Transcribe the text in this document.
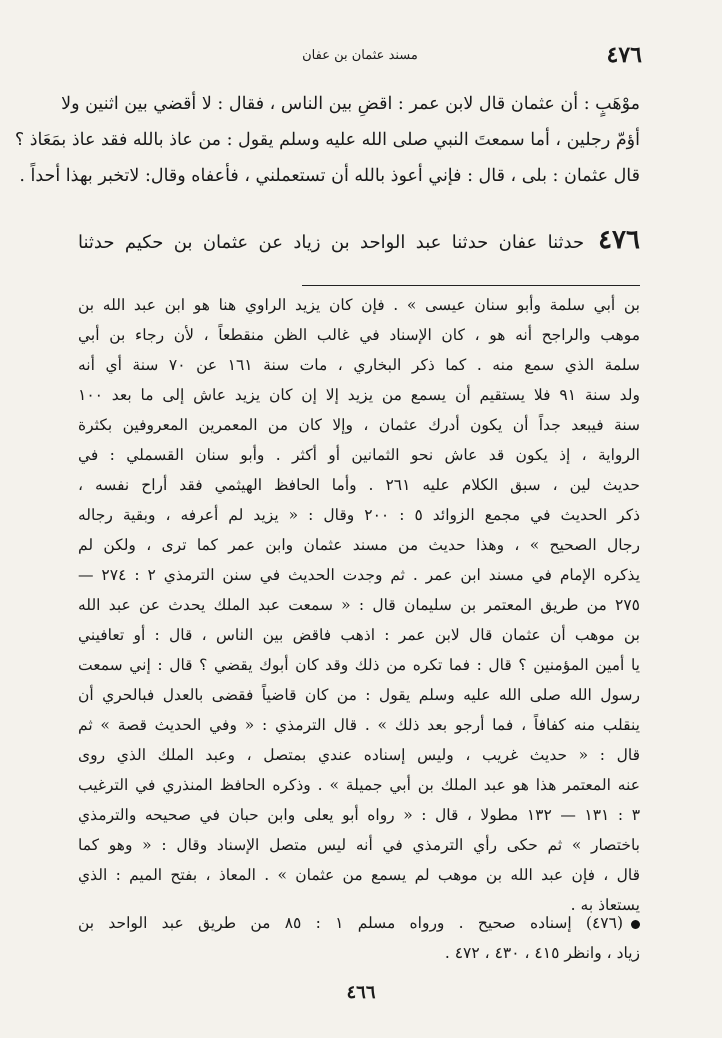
٤٧٦
مسند عثمان بن عفان
موْهَبٍ : أن عثمان قال لابن عمر : اقضِ بين الناس ، فقال : لا أقضي بين اثنين ولا
أؤمّ رجلين ، أما سمعتَ النبي صلى الله عليه وسلم يقول : من عاذ بالله فقد عاذ بمَعَاذ ؟
قال عثمان : بلى ، قال : فإني أعوذ بالله أن تستعملني ، فأعفاه وقال: لاتخبر بهذا أحداً .
٤٧٦حدثنا عفان حدثنا عبد الواحد بن زياد عن عثمان بن حكيم حدثنا
بن أبي سلمة وأبو سنان عيسى » . فإن كان يزيد الراوي هنا هو ابن عبد الله بن
موهب والراجح أنه هو ، كان الإسناد في غالب الظن منقطعاً ، لأن رجاء بن أبي
سلمة الذي سمع منه . كما ذكر البخاري ، مات سنة ١٦١ عن ٧٠ سنة أي أنه
ولد سنة ٩١ فلا يستقيم أن يسمع من يزيد إلا إن كان يزيد عاش إلى ما بعد ١٠٠
سنة فيبعد جداً أن يكون أدرك عثمان ، وإلا كان من المعمرين المعروفين بكثرة
الرواية ، إذ يكون قد عاش نحو الثمانين أو أكثر . وأبو سنان القسملي : في
حديث لين ، سبق الكلام عليه ٢٦١ . وأما الحافظ الهيثمي فقد أراح نفسه ،
ذكر الحديث في مجمع الزوائد ٥ : ٢٠٠ وقال : « يزيد لم أعرفه ، وبقية رجاله
رجال الصحيح » ، وهذا حديث من مسند عثمان وابن عمر كما ترى ، ولكن لم
يذكره الإمام في مسند ابن عمر . ثم وجدت الحديث في سنن الترمذي ٢ : ٢٧٤ —
٢٧٥ من طريق المعتمر بن سليمان قال : « سمعت عبد الملك يحدث عن عبد الله
بن موهب أن عثمان قال لابن عمر : اذهب فاقض بين الناس ، قال : أو تعافيني
يا أمين المؤمنين ؟ قال : فما تكره من ذلك وقد كان أبوك يقضي ؟ قال : إني سمعت
رسول الله صلى الله عليه وسلم يقول : من كان قاضياً فقضى بالعدل فبالحري أن
ينقلب منه كفافاً ، فما أرجو بعد ذلك » . قال الترمذي : « وفي الحديث قصة » ثم
قال : « حديث غريب ، وليس إسناده عندي بمتصل ، وعبد الملك الذي روى
عنه المعتمر هذا هو عبد الملك بن أبي جميلة » . وذكره الحافظ المنذري في الترغيب
٣ : ١٣١ — ١٣٢ مطولا ، قال : « رواه أبو يعلى وابن حبان في صحيحه والترمذي
باختصار » ثم حكى رأي الترمذي في أنه ليس متصل الإسناد وقال : « وهو كما
قال ، فإن عبد الله بن موهب لم يسمع من عثمان » . المعاذ ، بفتح الميم : الذي
يستعاذ به .
(٤٧٦) إسناده صحيح . ورواه مسلم ١ : ٨٥ من طريق عبد الواحد بن
زياد ، وانظر ٤١٥ ، ٤٣٠ ، ٤٧٢ .
٤٦٦
